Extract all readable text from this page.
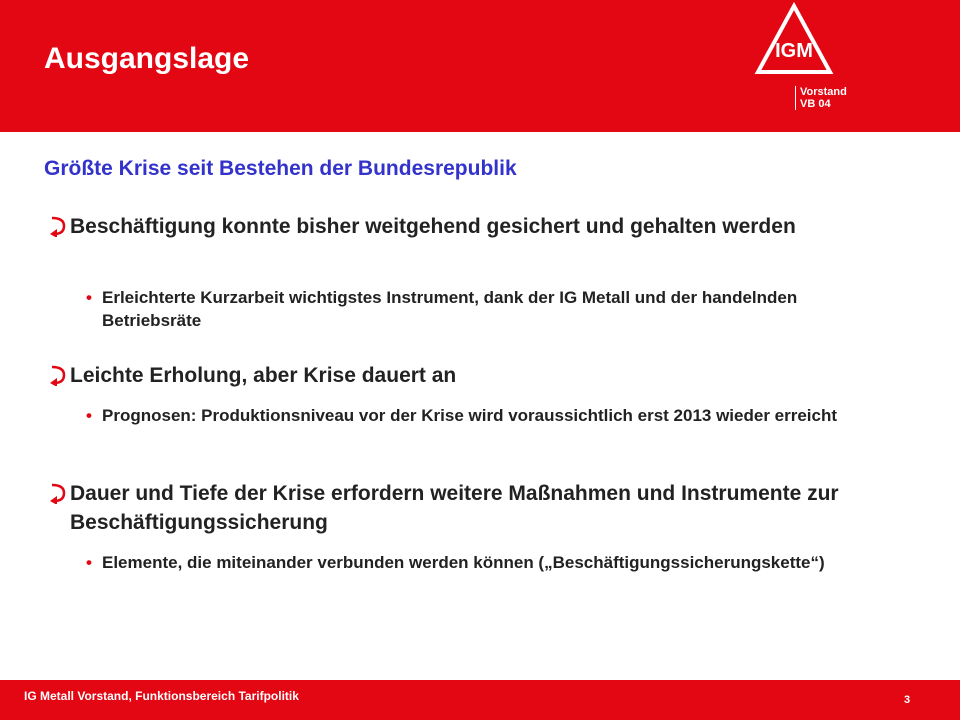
Ausgangslage	IGM
Vorstand
VB 04
Größte Krise seit Bestehen der Bundesrepublik
Beschäftigung konnte bisher weitgehend gesichert und gehalten werden
• Erleichterte Kurzarbeit wichtigstes Instrument, dank der IG Metall und der handelnden Betriebsräte
Leichte Erholung, aber Krise dauert an
• Prognosen: Produktionsniveau vor der Krise wird voraussichtlich erst 2013 wieder erreicht
Dauer und Tiefe der Krise erfordern weitere Maßnahmen und Instrumente zur Beschäftigungssicherung
• Elemente, die miteinander verbunden werden können („Beschäftigungssicherungskette“)
IG Metall Vorstand, Funktionsbereich Tarifpolitik	3
